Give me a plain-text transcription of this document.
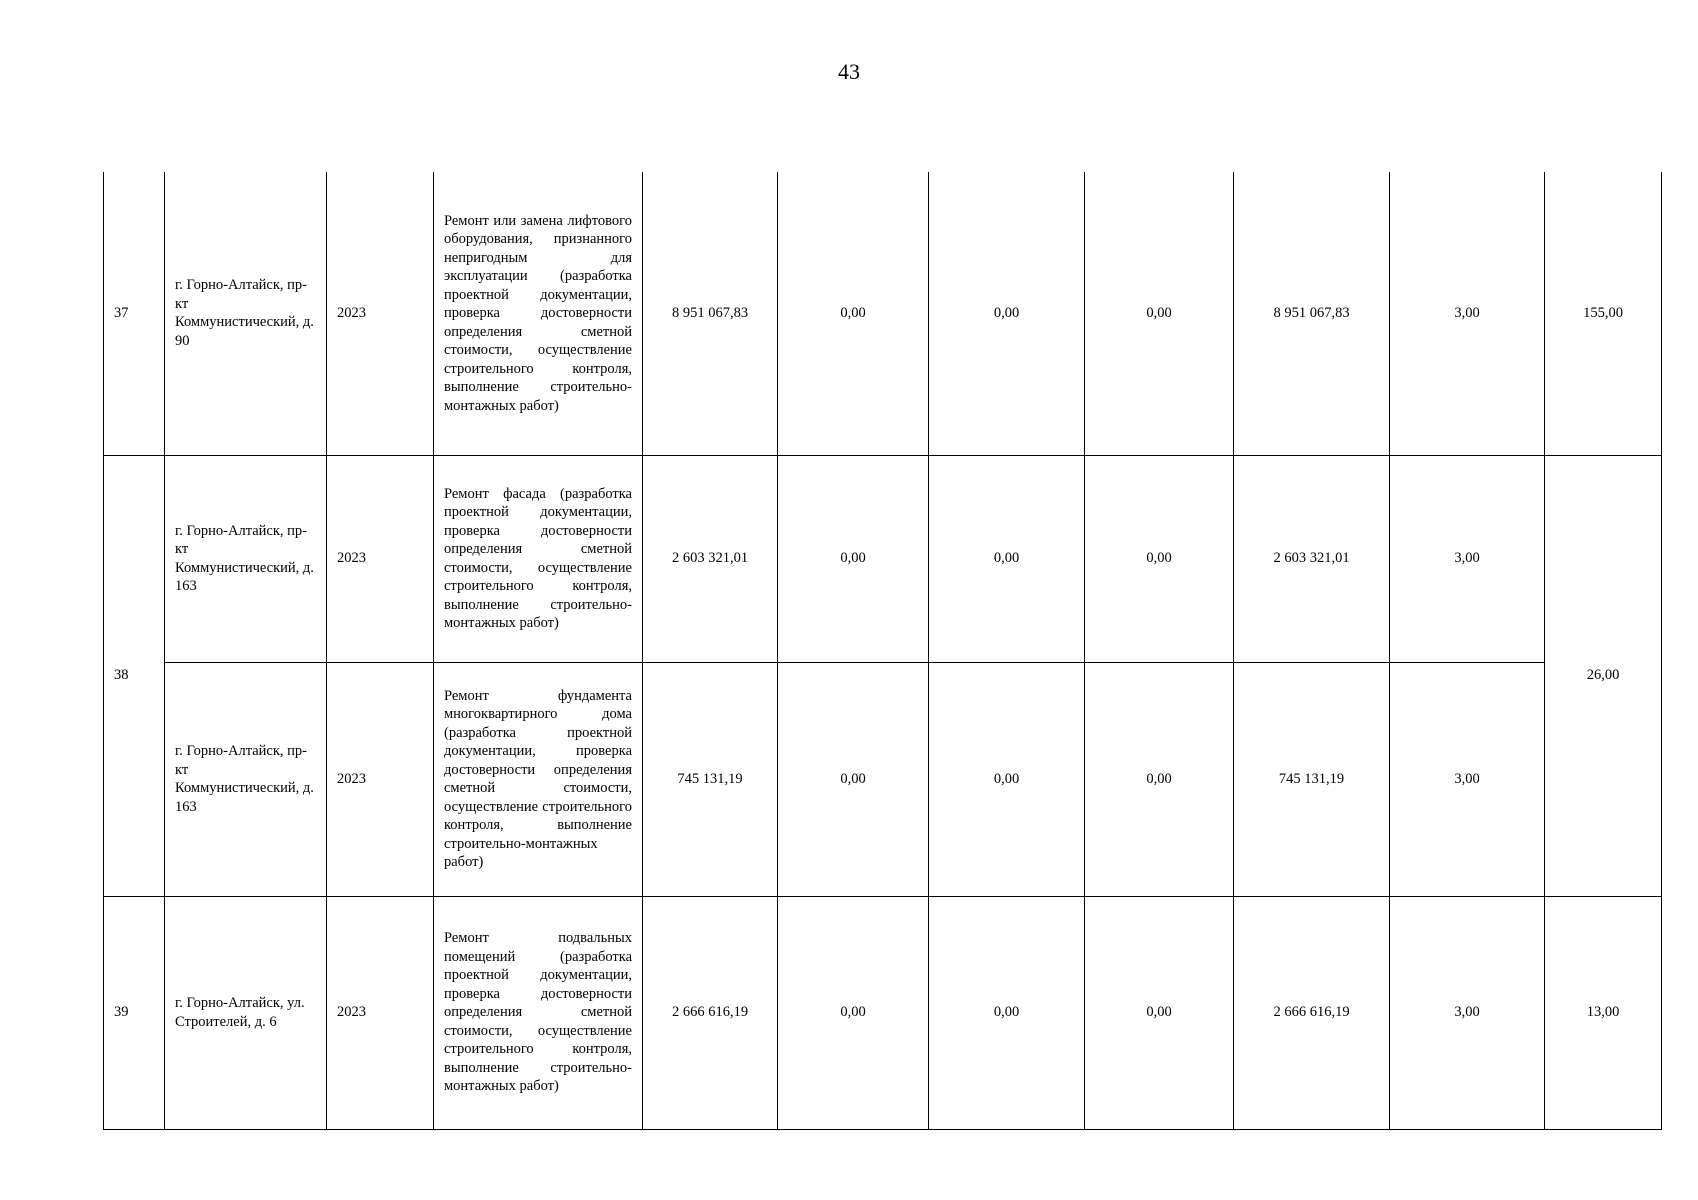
43
37	г. Горно-Алтайск, пр-кт Коммунистический, д. 90	2023	Ремонт или замена лифтового оборудования, признанного непригодным для эксплуатации (разработка проектной документации, проверка достоверности определения сметной стоимости, осуществление строительного контроля, выполнение строительно-монтажных работ)	8 951 067,83	0,00	0,00	0,00	8 951 067,83	3,00	155,00
38	г. Горно-Алтайск, пр-кт Коммунистический, д. 163	2023	Ремонт фасада (разработка проектной документации, проверка достоверности определения сметной стоимости, осуществление строительного контроля, выполнение строительно-монтажных работ)	2 603 321,01	0,00	0,00	0,00	2 603 321,01	3,00	26,00
	г. Горно-Алтайск, пр-кт Коммунистический, д. 163	2023	Ремонт фундамента многоквартирного дома (разработка проектной документации, проверка достоверности определения сметной стоимости, осуществление строительного контроля, выполнение строительно-монтажных работ)	745 131,19	0,00	0,00	0,00	745 131,19	3,00	
39	г. Горно-Алтайск, ул. Строителей, д. 6	2023	Ремонт подвальных помещений (разработка проектной документации, проверка достоверности определения сметной стоимости, осуществление строительного контроля, выполнение строительно-монтажных работ)	2 666 616,19	0,00	0,00	0,00	2 666 616,19	3,00	13,00
